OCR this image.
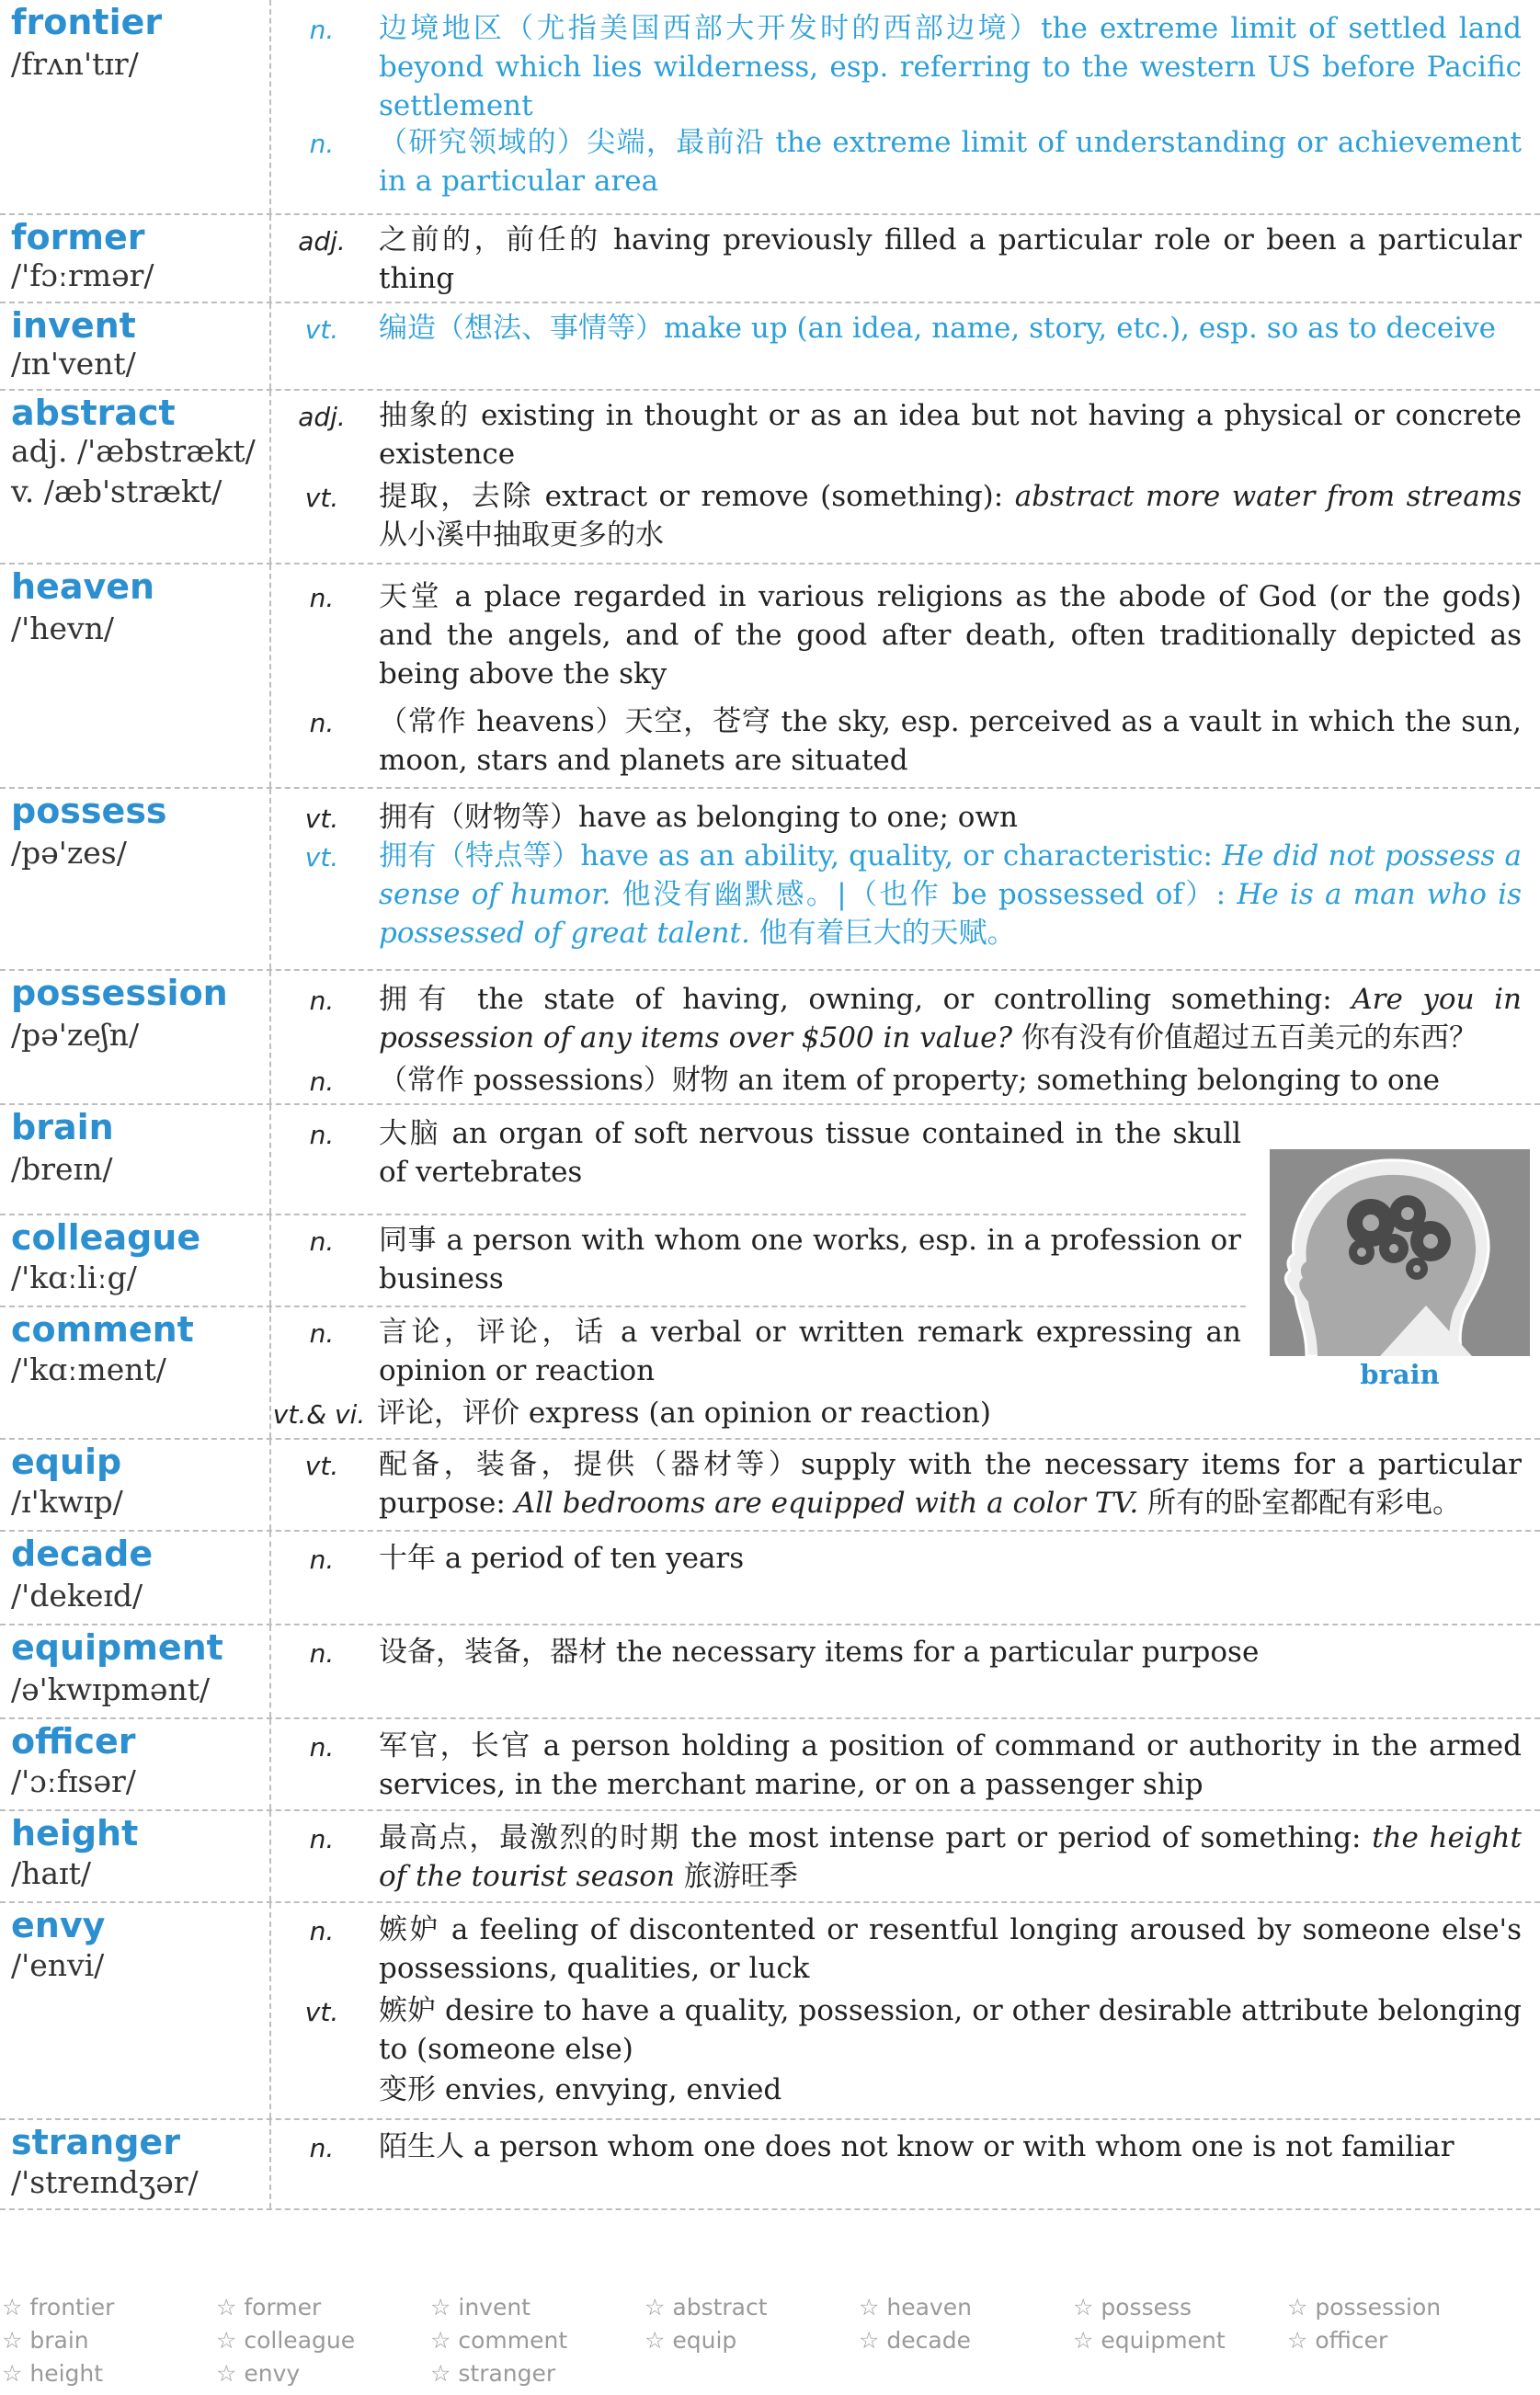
frontier
/frʌn'tɪr/
n.	边境地区（尤指美国西部大开发时的西部边境）the extreme limit of settled land beyond which lies wilderness, esp. referring to the western US before Pacific settlement
n.	（研究领域的）尖端，最前沿 the extreme limit of understanding or achievement in a particular area
former
/'fɔːrmər/
adj.	之前的，前任的 having previously filled a particular role or been a particular thing
invent
/ɪn'vent/
vt.	编造（想法、事情等）make up (an idea, name, story, etc.), esp. so as to deceive
abstract
adj. /'æbstrækt/
v. /æb'strækt/
adj.	抽象的 existing in thought or as an idea but not having a physical or concrete existence
vt.	提取，去除 extract or remove (something): abstract more water from streams 从小溪中抽取更多的水
heaven
/'hevn/
n.	天堂 a place regarded in various religions as the abode of God (or the gods) and the angels, and of the good after death, often traditionally depicted as being above the sky
n.	（常作 heavens）天空，苍穹 the sky, esp. perceived as a vault in which the sun, moon, stars and planets are situated
possess
/pə'zes/
vt.	拥有（财物等）have as belonging to one; own
vt.	拥有（特点等）have as an ability, quality, or characteristic: He did not possess a sense of humor. 他没有幽默感。|（也作 be possessed of）: He is a man who is possessed of great talent. 他有着巨大的天赋。
possession
/pə'zeʃn/
n.	拥有 the state of having, owning, or controlling something: Are you in possession of any items over $500 in value? 你有没有价值超过五百美元的东西？
n.	（常作 possessions）财物 an item of property; something belonging to one
brain
/breɪn/
n.	大脑 an organ of soft nervous tissue contained in the skull of vertebrates
colleague
/'kɑːliːg/
n.	同事 a person with whom one works, esp. in a profession or business
comment
/'kɑːment/
n.	言论，评论，话 a verbal or written remark expressing an opinion or reaction
vt.& vi. 评论，评价 express (an opinion or reaction)
brain
equip
/ɪ'kwɪp/
vt.	配备，装备，提供（器材等）supply with the necessary items for a particular purpose: All bedrooms are equipped with a color TV. 所有的卧室都配有彩电。
decade
/'dekeɪd/
n.	十年 a period of ten years
equipment
/ə'kwɪpmənt/
n.	设备，装备，器材 the necessary items for a particular purpose
officer
/'ɔːfɪsər/
n.	军官，长官 a person holding a position of command or authority in the armed services, in the merchant marine, or on a passenger ship
height
/haɪt/
n.	最高点，最激烈的时期 the most intense part or period of something: the height of the tourist season 旅游旺季
envy
/'envi/
n.	嫉妒 a feeling of discontented or resentful longing aroused by someone else's possessions, qualities, or luck
vt.	嫉妒 desire to have a quality, possession, or other desirable attribute belonging to (someone else)
变形 envies, envying, envied
stranger
/'streɪndʒər/
n.	陌生人 a person whom one does not know or with whom one is not familiar
☆ frontier	☆ former	☆ invent	☆ abstract	☆ heaven	☆ possess	☆ possession
☆ brain	☆ colleague	☆ comment	☆ equip	☆ decade	☆ equipment	☆ officer
☆ height	☆ envy	☆ stranger
